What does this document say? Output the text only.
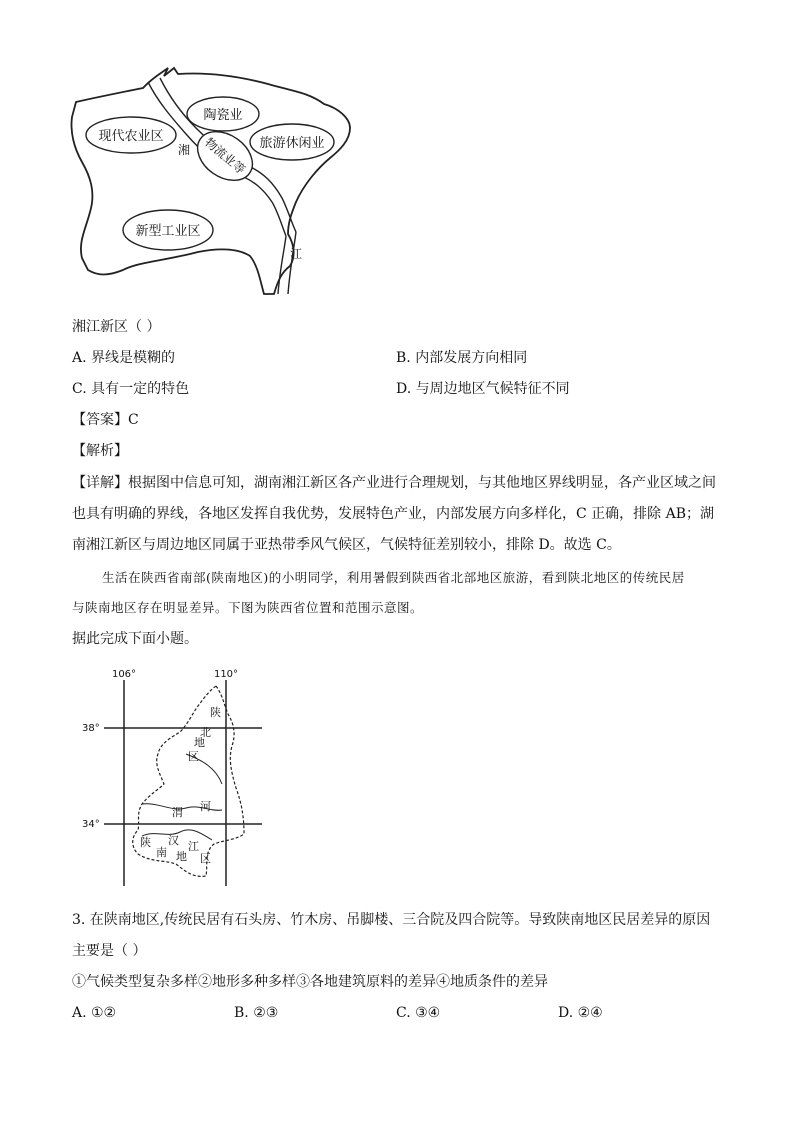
陶瓷业
现代农业区	物流业等 旅游休闲业
新型工业区
湘
江
湘江新区（ ）
A. 界线是模糊的	B. 内部发展方向相同
C. 具有一定的特色	D. 与周边地区气候特征不同
【答案】C
【解析】
【详解】根据图中信息可知，湖南湘江新区各产业进行合理规划，与其他地区界线明显，各产业区域之间
也具有明确的界线，各地区发挥自我优势，发展特色产业，内部发展方向多样化，C 正确，排除 AB；湖
南湘江新区与周边地区同属于亚热带季风气候区，气候特征差别较小，排除 D。故选 C。
生活在陕西省南部(陕南地区)的小明同学，利用暑假到陕西省北部地区旅游，看到陕北地区的传统民居
与陕南地区存在明显差异。下图为陕西省位置和范围示意图。
据此完成下面小题。
106°	110°
38°
34°
陕
北
地
区
渭 河
汉
陕
南 地
江
区
3. 在陕南地区,传统民居有石头房、竹木房、吊脚楼、三合院及四合院等。导致陕南地区民居差异的原因
主要是（ ）
①气候类型复杂多样②地形多种多样③各地建筑原料的差异④地质条件的差异
A. ①②	B. ②③	C. ③④	D. ②④
